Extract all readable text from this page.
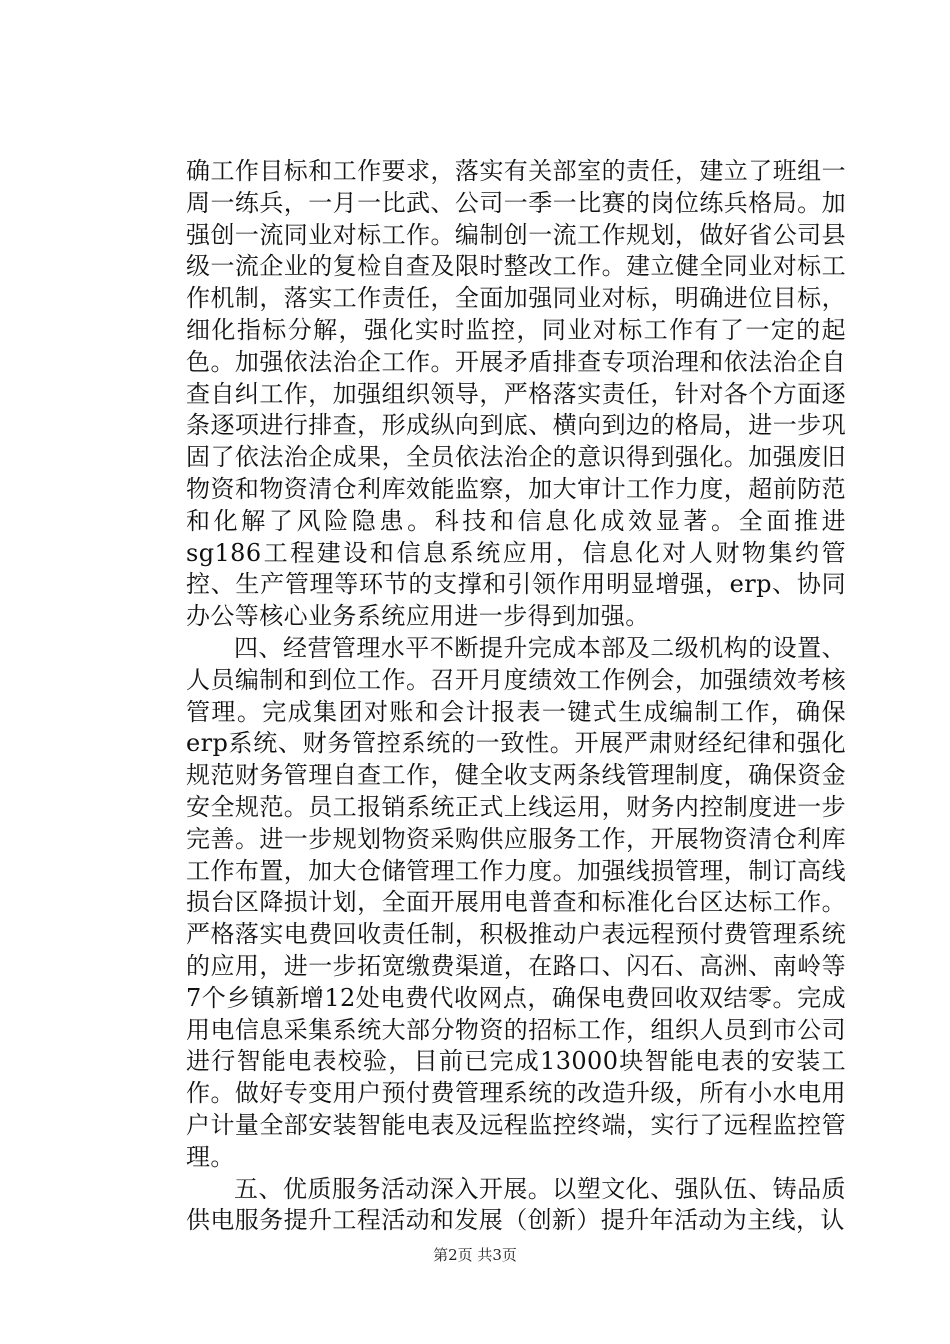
确工作目标和工作要求，落实有关部室的责任，建立了班组一周一练兵，一月一比武、公司一季一比赛的岗位练兵格局。加强创一流同业对标工作。编制创一流工作规划，做好省公司县级一流企业的复检自查及限时整改工作。建立健全同业对标工作机制，落实工作责任，全面加强同业对标，明确进位目标，细化指标分解，强化实时监控，同业对标工作有了一定的起色。加强依法治企工作。开展矛盾排查专项治理和依法治企自查自纠工作，加强组织领导，严格落实责任，针对各个方面逐条逐项进行排查，形成纵向到底、横向到边的格局，进一步巩固了依法治企成果，全员依法治企的意识得到强化。加强废旧物资和物资清仓利库效能监察，加大审计工作力度，超前防范和化解了风险隐患。科技和信息化成效显著。全面推进sg186工程建设和信息系统应用，信息化对人财物集约管控、生产管理等环节的支撑和引领作用明显增强，erp、协同办公等核心业务系统应用进一步得到加强。

四、经营管理水平不断提升完成本部及二级机构的设置、人员编制和到位工作。召开月度绩效工作例会，加强绩效考核管理。完成集团对账和会计报表一键式生成编制工作，确保erp系统、财务管控系统的一致性。开展严肃财经纪律和强化规范财务管理自查工作，健全收支两条线管理制度，确保资金安全规范。员工报销系统正式上线运用，财务内控制度进一步完善。进一步规划物资采购供应服务工作，开展物资清仓利库工作布置，加大仓储管理工作力度。加强线损管理，制订高线损台区降损计划，全面开展用电普查和标准化台区达标工作。严格落实电费回收责任制，积极推动户表远程预付费管理系统的应用，进一步拓宽缴费渠道，在路口、闪石、高洲、南岭等7个乡镇新增12处电费代收网点，确保电费回收双结零。完成用电信息采集系统大部分物资的招标工作，组织人员到市公司进行智能电表校验，目前已完成13000块智能电表的安装工作。做好专变用户预付费管理系统的改造升级，所有小水电用户计量全部安装智能电表及远程监控终端，实行了远程监控管理。

五、优质服务活动深入开展。以塑文化、强队伍、铸品质供电服务提升工程活动和发展（创新）提升年活动为主线，认

第2页 共3页
